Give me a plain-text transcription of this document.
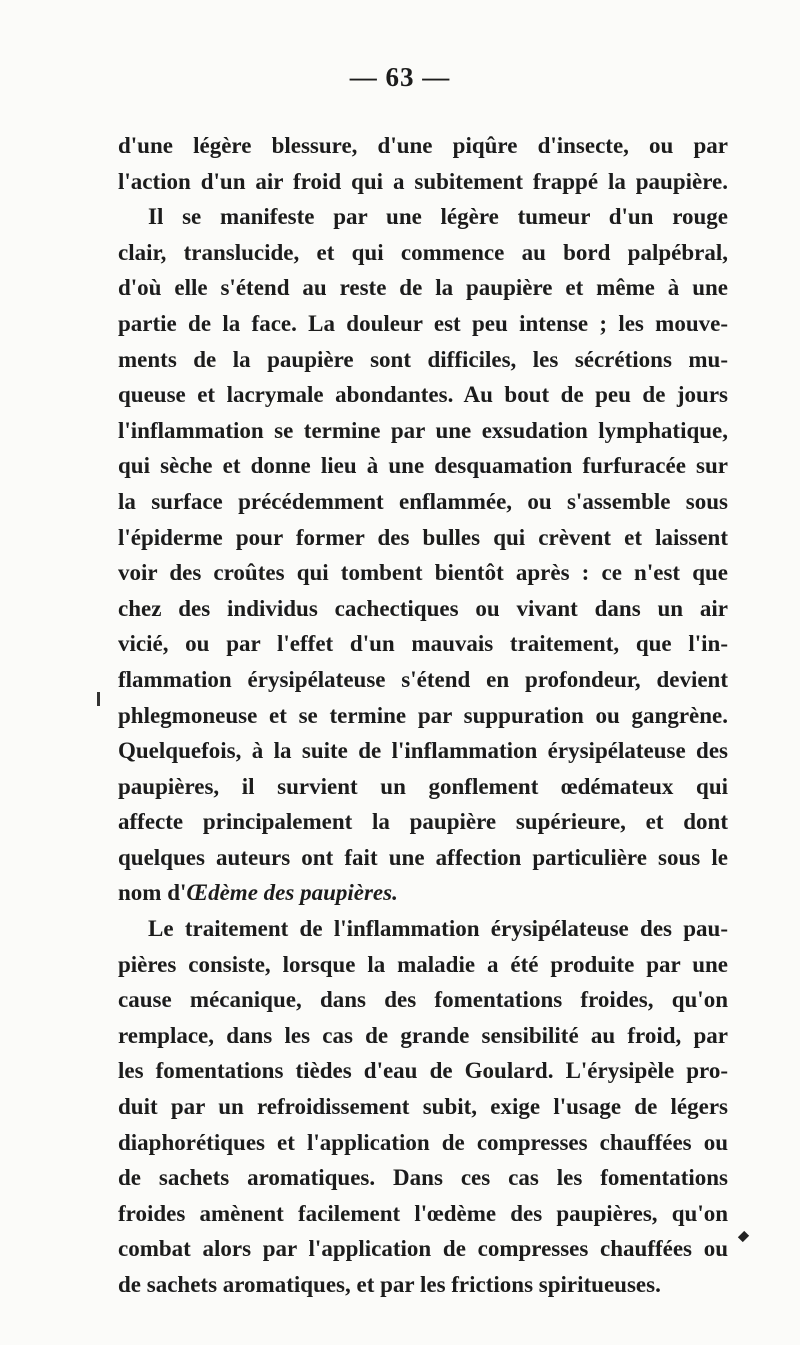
— 63 —
d'une légère blessure, d'une piqûre d'insecte, ou par
l'action d'un air froid qui a subitement frappé la paupière.
Il se manifeste par une légère tumeur d'un rouge
clair, translucide, et qui commence au bord palpébral,
d'où elle s'étend au reste de la paupière et même à une
partie de la face. La douleur est peu intense ; les mouve-
ments de la paupière sont difficiles, les sécrétions mu-
queuse et lacrymale abondantes. Au bout de peu de jours
l'inflammation se termine par une exsudation lymphatique,
qui sèche et donne lieu à une desquamation furfuracée sur
la surface précédemment enflammée, ou s'assemble sous
l'épiderme pour former des bulles qui crèvent et laissent
voir des croûtes qui tombent bientôt après : ce n'est que
chez des individus cachectiques ou vivant dans un air
vicié, ou par l'effet d'un mauvais traitement, que l'in-
flammation érysipélateuse s'étend en profondeur, devient
phlegmoneuse et se termine par suppuration ou gangrène.
Quelquefois, à la suite de l'inflammation érysipélateuse des
paupières, il survient un gonflement œdémateux qui
affecte principalement la paupière supérieure, et dont
quelques auteurs ont fait une affection particulière sous le
nom d'Œdème des paupières.
Le traitement de l'inflammation érysipélateuse des pau-
pières consiste, lorsque la maladie a été produite par une
cause mécanique, dans des fomentations froides, qu'on
remplace, dans les cas de grande sensibilité au froid, par
les fomentations tièdes d'eau de Goulard. L'érysipèle pro-
duit par un refroidissement subit, exige l'usage de légers
diaphorétiques et l'application de compresses chauffées ou
de sachets aromatiques. Dans ces cas les fomentations
froides amènent facilement l'œdème des paupières, qu'on
combat alors par l'application de compresses chauffées ou
de sachets aromatiques, et par les frictions spiritueuses.
